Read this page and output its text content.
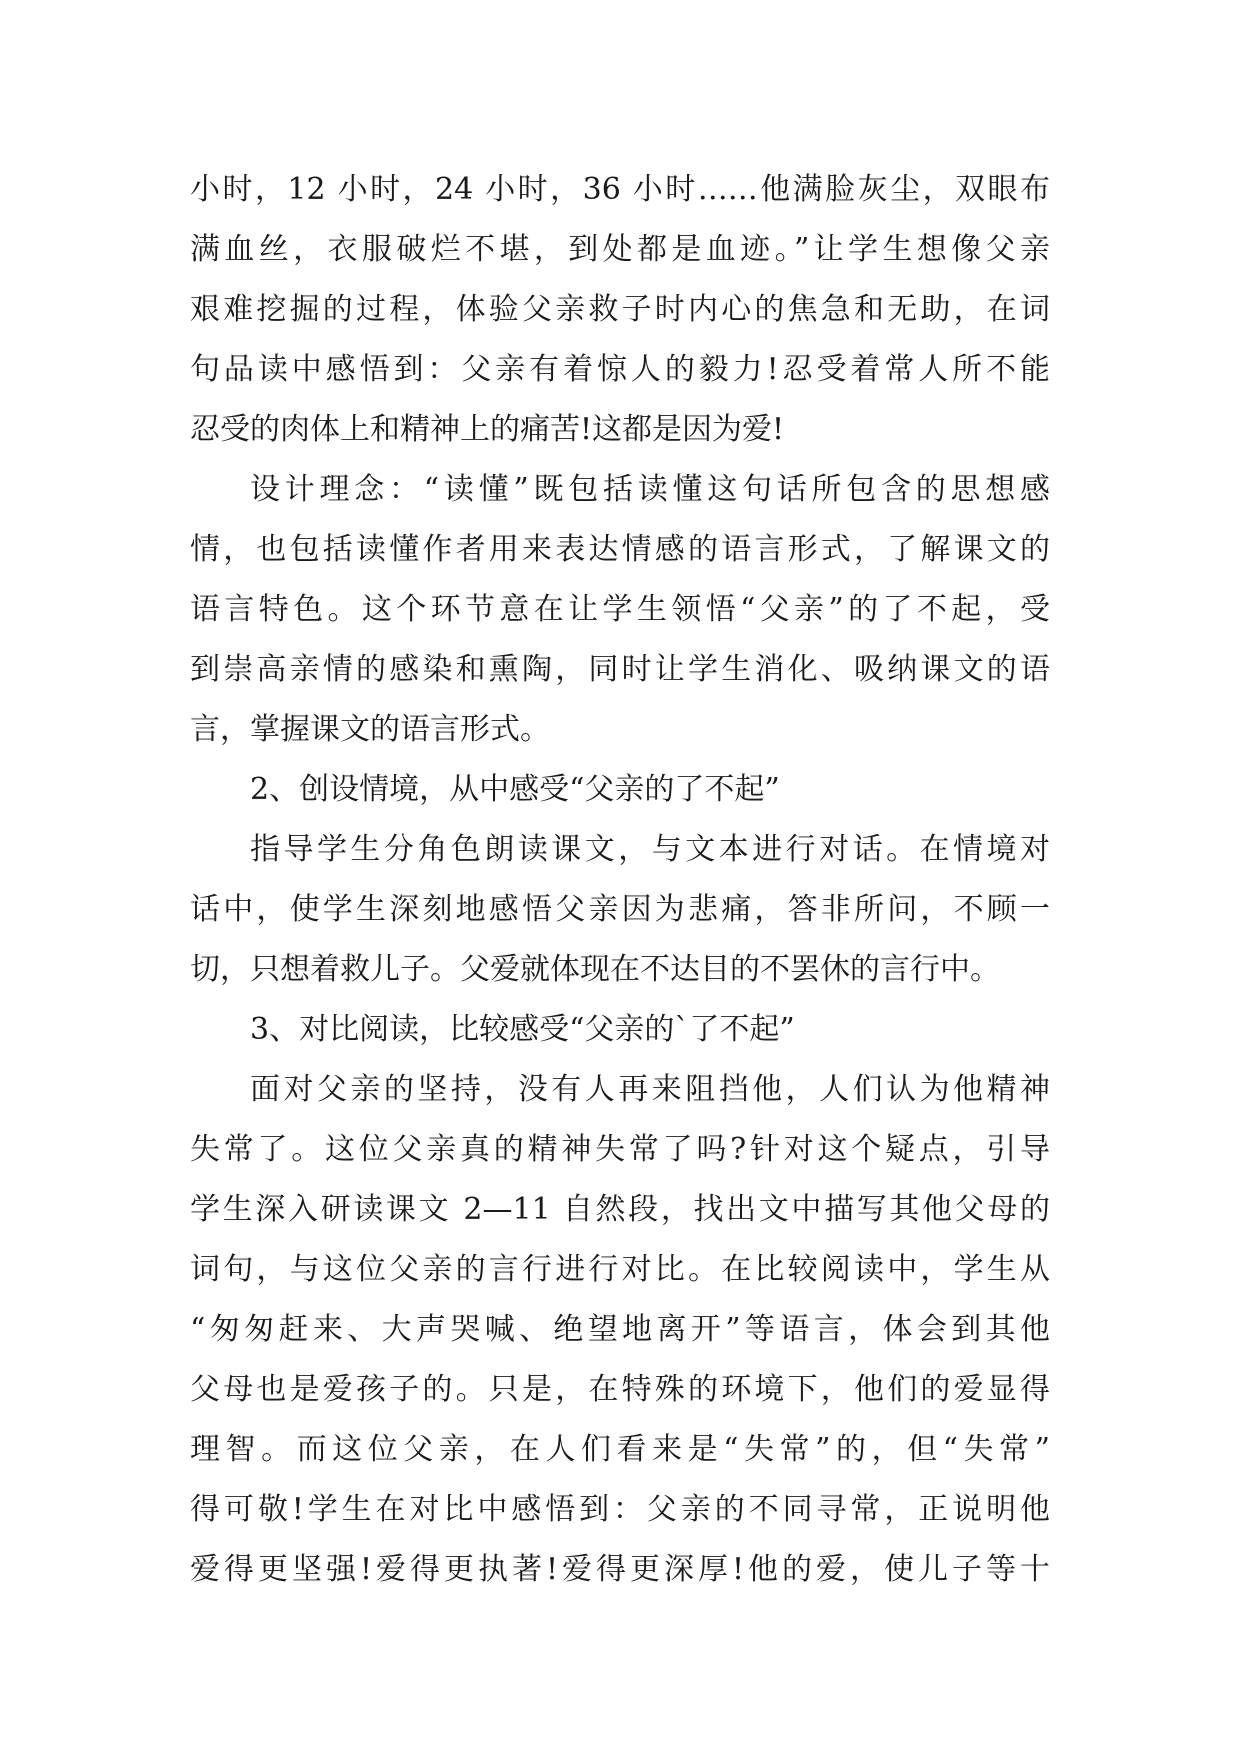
小时，12 小时，24 小时，36 小时……他满脸灰尘，双眼布
满血丝，衣服破烂不堪，到处都是血迹。”让学生想像父亲
艰难挖掘的过程，体验父亲救子时内心的焦急和无助，在词
句品读中感悟到：父亲有着惊人的毅力!忍受着常人所不能
忍受的肉体上和精神上的痛苦!这都是因为爱!
设计理念：“读懂”既包括读懂这句话所包含的思想感
情，也包括读懂作者用来表达情感的语言形式，了解课文的
语言特色。这个环节意在让学生领悟“父亲”的了不起，受
到崇高亲情的感染和熏陶，同时让学生消化、吸纳课文的语
言，掌握课文的语言形式。
2、创设情境，从中感受“父亲的了不起”
指导学生分角色朗读课文，与文本进行对话。在情境对
话中，使学生深刻地感悟父亲因为悲痛，答非所问，不顾一
切，只想着救儿子。父爱就体现在不达目的不罢休的言行中。
3、对比阅读，比较感受“父亲的`了不起”
面对父亲的坚持，没有人再来阻挡他，人们认为他精神
失常了。这位父亲真的精神失常了吗?针对这个疑点，引导
学生深入研读课文 2—11 自然段，找出文中描写其他父母的
词句，与这位父亲的言行进行对比。在比较阅读中，学生从
“匆匆赶来、大声哭喊、绝望地离开”等语言，体会到其他
父母也是爱孩子的。只是，在特殊的环境下，他们的爱显得
理智。而这位父亲，在人们看来是“失常”的，但“失常”
得可敬!学生在对比中感悟到：父亲的不同寻常，正说明他
爱得更坚强!爱得更执著!爱得更深厚!他的爱，使儿子等十
